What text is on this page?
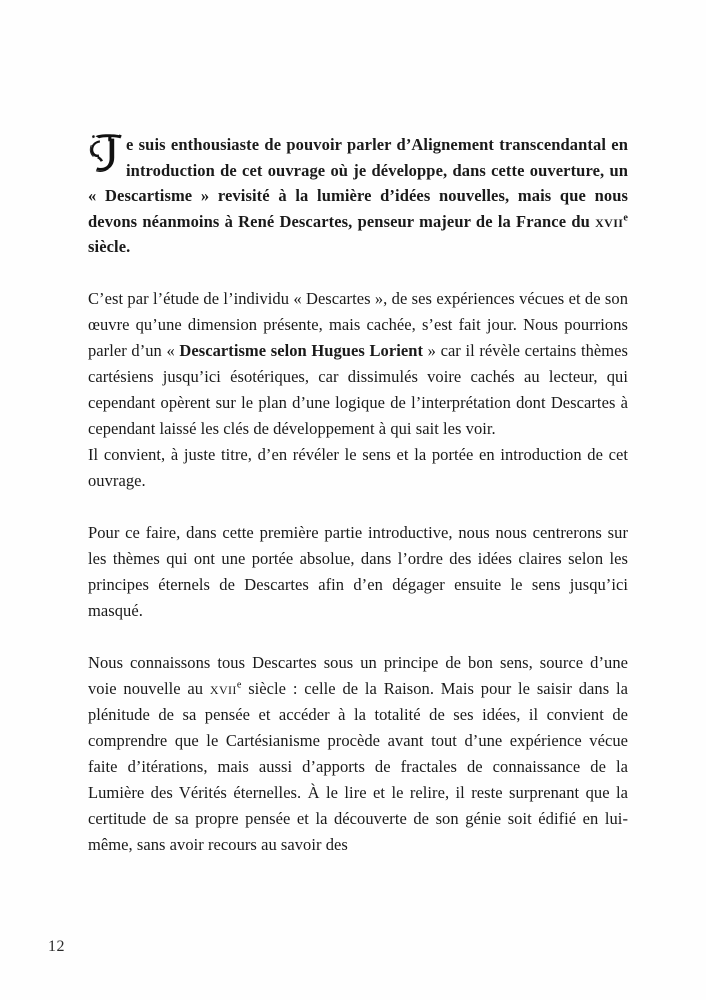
e suis enthousiaste de pouvoir parler d’Alignement transcendantal en introduction de cet ouvrage où je développe, dans cette ouverture, un « Descartisme » revisité à la lumière d’idées nouvelles, mais que nous devons néanmoins à René Descartes, penseur majeur de la France du xvii$^e$ siècle.

C’est par l’étude de l’individu « Descartes », de ses expériences vécues et de son œuvre qu’une dimension présente, mais cachée, s’est fait jour. Nous pourrions parler d’un « Descartisme selon Hugues Lorient » car il révèle certains thèmes cartésiens jusqu’ici ésotériques, car dissimulés voire cachés au lecteur, qui cependant opèrent sur le plan d’une logique de l’interprétation dont Descartes à cependant laissé les clés de développement à qui sait les voir.

Il convient, à juste titre, d’en révéler le sens et la portée en introduction de cet ouvrage.

Pour ce faire, dans cette première partie introductive, nous nous centrerons sur les thèmes qui ont une portée absolue, dans l’ordre des idées claires selon les principes éternels de Descartes afin d’en dégager ensuite le sens jusqu’ici masqué.

Nous connaissons tous Descartes sous un principe de bon sens, source d’une voie nouvelle au xvii$^e$ siècle : celle de la Raison. Mais pour le saisir dans la plénitude de sa pensée et accéder à la totalité de ses idées, il convient de comprendre que le Cartésianisme procède avant tout d’une expérience vécue faite d’itérations, mais aussi d’apports de fractales de connaissance de la Lumière des Vérités éternelles. À le lire et le relire, il reste surprenant que la certitude de sa propre pensée et la découverte de son génie soit édifié en lui-même, sans avoir recours au savoir des

12
